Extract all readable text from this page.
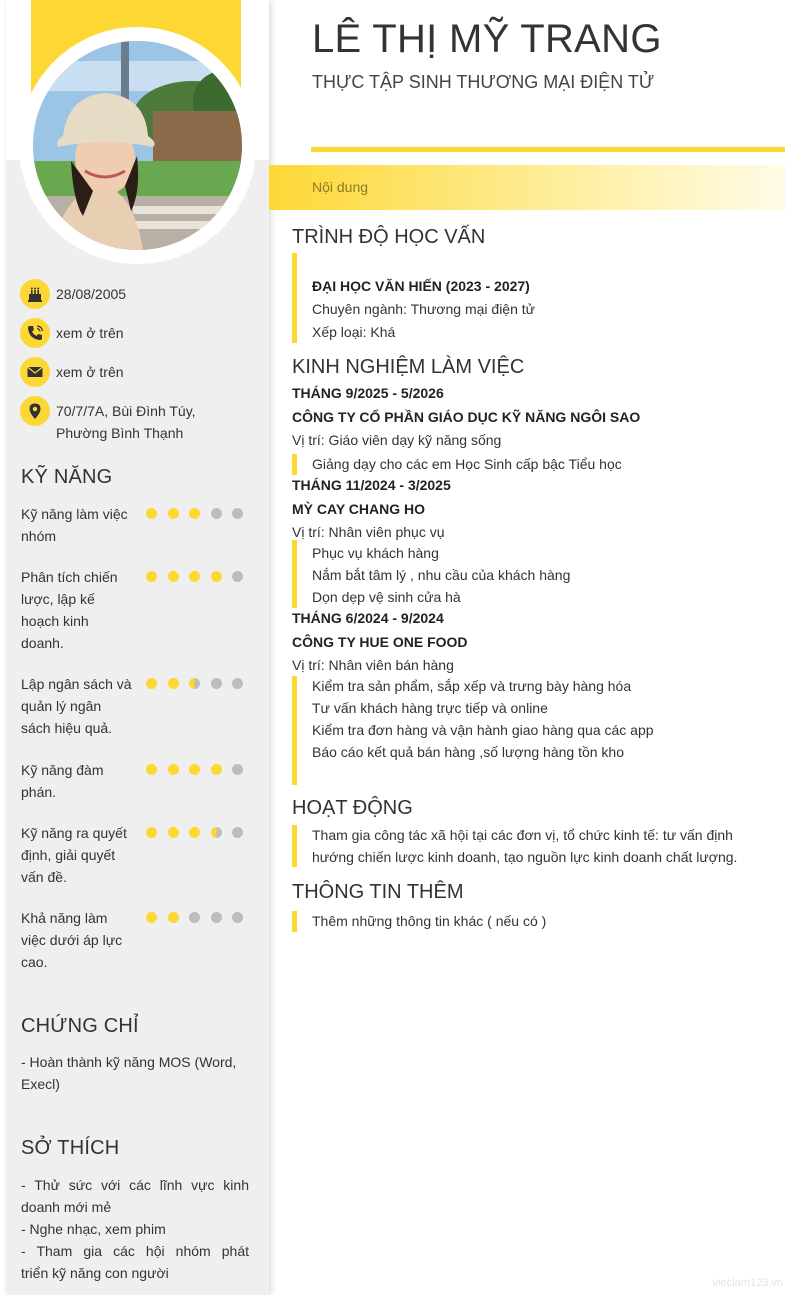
28/08/2005
xem ở trên
xem ở trên
70/7/7A, Bùi Đình Túy,
Phường Bình Thạnh
KỸ NĂNG
Kỹ năng làm việc
nhóm
Phân tích chiến
lược, lập kế
hoạch kinh
doanh.
Lập ngân sách và
quản lý ngân
sách hiệu quả.
Kỹ năng đàm
phán.
Kỹ năng ra quyết
định, giải quyết
vấn đề.
Khả năng làm
việc dưới áp lực
cao.
CHỨNG CHỈ
- Hoàn thành kỹ năng MOS (Word,
Execl)
SỞ THÍCH
- Thử sức với các lĩnh vực kinh
doanh mới mẻ
- Nghe nhạc, xem phim
- Tham gia các hội nhóm phát
triển kỹ năng con người
LÊ THỊ MỸ TRANG
THỰC TẬP SINH THƯƠNG MẠI ĐIỆN TỬ
Nội dung
TRÌNH ĐỘ HỌC VẤN
ĐẠI HỌC VĂN HIẾN (2023 - 2027)
Chuyên ngành: Thương mại điện tử
Xếp loại: Khá
KINH NGHIỆM LÀM VIỆC
THÁNG 9/2025 - 5/2026
CÔNG TY CỔ PHẦN GIÁO DỤC KỸ NĂNG NGÔI SAO
Vị trí: Giáo viên dạy kỹ năng sống
Giảng dạy cho các em Học Sinh cấp bậc Tiểu học
THÁNG 11/2024 - 3/2025
MỲ CAY CHANG HO
Vị trí: Nhân viên phục vụ
Phục vụ khách hàng
Nắm bắt tâm lý , nhu cầu của khách hàng
Dọn dẹp vệ sinh cửa hà
THÁNG 6/2024 - 9/2024
CÔNG TY HUE ONE FOOD
Vị trí: Nhân viên bán hàng
Kiểm tra sản phẩm, sắp xếp và trưng bày hàng hóa
Tư vấn khách hàng trực tiếp và online
Kiểm tra đơn hàng và vận hành giao hàng qua các app
Báo cáo kết quả bán hàng ,số lượng hàng tồn kho
HOẠT ĐỘNG
Tham gia công tác xã hội tại các đơn vị, tổ chức kinh tế: tư vấn định
hướng chiến lược kinh doanh, tạo nguồn lực kinh doanh chất lượng.
THÔNG TIN THÊM
Thêm những thông tin khác ( nếu có )
vieclam123.vn
